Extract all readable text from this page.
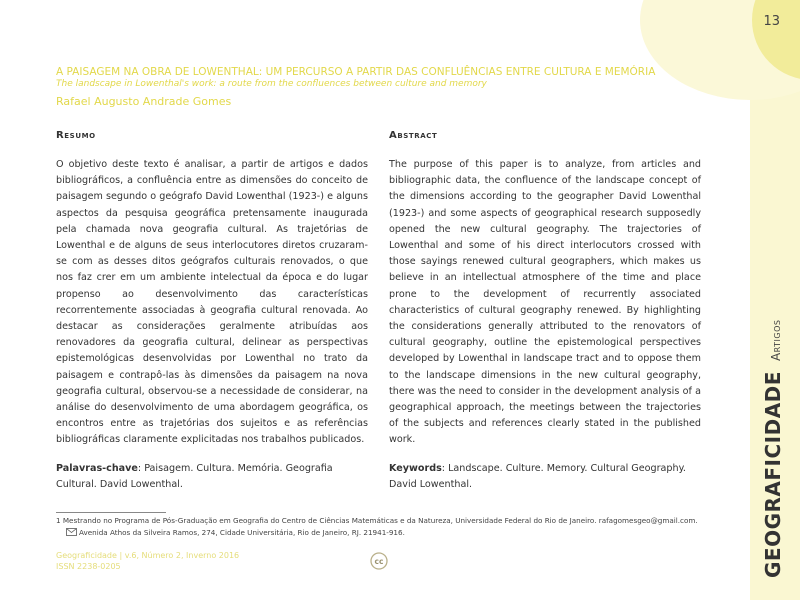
13
GEOGRAFICIDADEArtigos
A PAISAGEM NA OBRA DE LOWENTHAL: UM PERCURSO A PARTIR DAS CONFLUÊNCIAS ENTRE CULTURA E MEMÓRIA
The landscape in Lowenthal's work: a route from the confluences between culture and memory
Rafael Augusto Andrade Gomes
Resumo

O objetivo deste texto é analisar, a partir de artigos e dados bibliográficos, a confluência entre as dimensões do conceito de paisagem segundo o geógrafo David Lowenthal (1923-) e alguns aspectos da pesquisa geográfica pretensamente inaugurada pela chamada nova geografia cultural. As trajetórias de Lowenthal e de alguns de seus interlocutores diretos cruzaram-se com as desses ditos geógrafos culturais renovados, o que nos faz crer em um ambiente intelectual da época e do lugar propenso ao desenvolvimento das características recorrentemente associadas à geografia cultural renovada. Ao destacar as considerações geralmente atribuídas aos renovadores da geografia cultural, delinear as perspectivas epistemológicas desenvolvidas por Lowenthal no trato da paisagem e contrapô-las às dimensões da paisagem na nova geografia cultural, observou-se a necessidade de considerar, na análise do desenvolvimento de uma abordagem geográfica, os encontros entre as trajetórias dos sujeitos e as referências bibliográficas claramente explicitadas nos trabalhos publicados.

Palavras-chave: Paisagem. Cultura. Memória. Geografia Cultural. David Lowenthal.
Abstract

The purpose of this paper is to analyze, from articles and bibliographic data, the confluence of the landscape concept of the dimensions according to the geographer David Lowenthal (1923-) and some aspects of geographical research supposedly opened the new cultural geography. The trajectories of Lowenthal and some of his direct interlocutors crossed with those sayings renewed cultural geographers, which makes us believe in an intellectual atmosphere of the time and place prone to the development of recurrently associated characteristics of cultural geography renewed. By highlighting the considerations generally attributed to the renovators of cultural geography, outline the epistemological perspectives developed by Lowenthal in landscape tract and to oppose them to the landscape dimensions in the new cultural geography, there was the need to consider in the development analysis of a geographical approach, the meetings between the trajectories of the subjects and references clearly stated in the published work.

Keywords: Landscape. Culture. Memory. Cultural Geography. David Lowenthal.
1 Mestrando no Programa de Pós-Graduação em Geografia do Centro de Ciências Matemáticas e da Natureza, Universidade Federal do Rio de Janeiro. rafagomesgeo@gmail.com.
Avenida Athos da Silveira Ramos, 274, Cidade Universitária, Rio de Janeiro, RJ. 21941-916.
Geograficidade | v.6, Número 2, Inverno 2016
ISSN 2238-0205	cc
